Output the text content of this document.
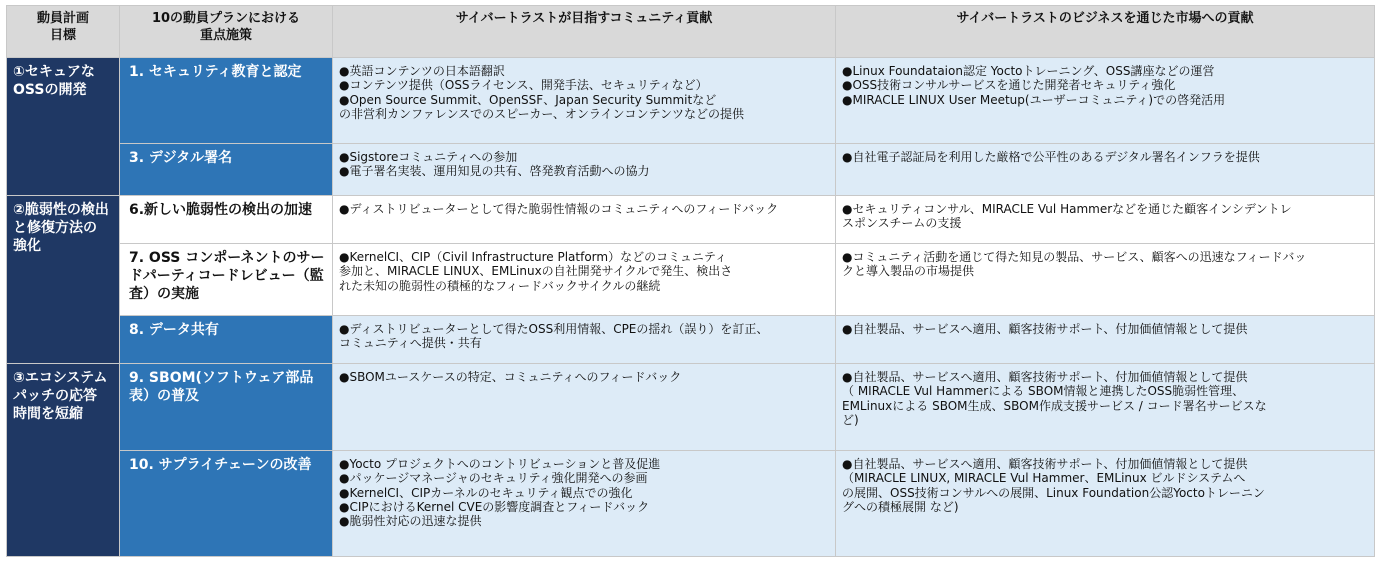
動員計画目標	10の動員プランにおける重点施策	サイバートラストが目指すコミュニティ貢献	サイバートラストのビジネスを通じた市場への貢献
①セキュアなOSSの開発	1. セキュリティ教育と認定	●英語コンテンツの日本語翻訳
●コンテンツ提供（OSSライセンス、開発手法、セキュリティなど）
●Open Source Summit、OpenSSF、Japan Security Summitなど
の非営利カンファレンスでのスピーカー、オンラインコンテンツなどの提供	●Linux Foundataion認定 Yoctoトレーニング、OSS講座などの運営
●OSS技術コンサルサービスを通じた開発者セキュリティ強化
●MIRACLE LINUX User Meetup(ユーザーコミュニティ)での啓発活用

	3. デジタル署名	●Sigstoreコミュニティへの参加
●電子署名実装、運用知見の共有、啓発教育活動への協力	●自社電子認証局を利用した厳格で公平性のあるデジタル署名インフラを提供

②脆弱性の検出と修復方法の強化	6.新しい脆弱性の検出の加速	●ディストリビューターとして得た脆弱性情報のコミュニティへのフィードバック	●セキュリティコンサル、MIRACLE Vul Hammerなどを通じた顧客インシデントレ
スポンスチームの支援

	7. OSS コンポーネントのサードパーティコードレビュー（監査）の実施	●KernelCI、CIP（Civil Infrastructure Platform）などのコミュニティ
参加と、MIRACLE LINUX、EMLinuxの自社開発サイクルで発生、検出さ
れた未知の脆弱性の積極的なフィードバックサイクルの継続	●コミュニティ活動を通じて得た知見の製品、サービス、顧客への迅速なフィードバッ
クと導入製品の市場提供

	8. データ共有	●ディストリビューターとして得たOSS利用情報、CPEの揺れ（誤り）を訂正、
コミュニティへ提供・共有	●自社製品、サービスへ適用、顧客技術サポート、付加価値情報として提供

③エコシステムパッチの応答時間を短縮	9. SBOM(ソフトウェア部品表）の普及	●SBOMユースケースの特定、コミュニティへのフィードバック	●自社製品、サービスへ適用、顧客技術サポート、付加価値情報として提供
（ MIRACLE Vul Hammerによる SBOM情報と連携したOSS脆弱性管理、
EMLinuxによる SBOM生成、SBOM作成支援サービス / コード署名サービスな
ど)

	10. サプライチェーンの改善	●Yocto プロジェクトへのコントリビューションと普及促進
●パッケージマネージャのセキュリティ強化開発への参画
●KernelCI、CIPカーネルのセキュリティ観点での強化
●CIPにおけるKernel CVEの影響度調査とフィードバック
●脆弱性対応の迅速な提供	●自社製品、サービスへ適用、顧客技術サポート、付加価値情報として提供
（MIRACLE LINUX, MIRACLE Vul Hammer、EMLinux ビルドシステムへ
の展開、OSS技術コンサルへの展開、Linux Foundation公認Yoctoトレーニン
グへの積極展開 など)
